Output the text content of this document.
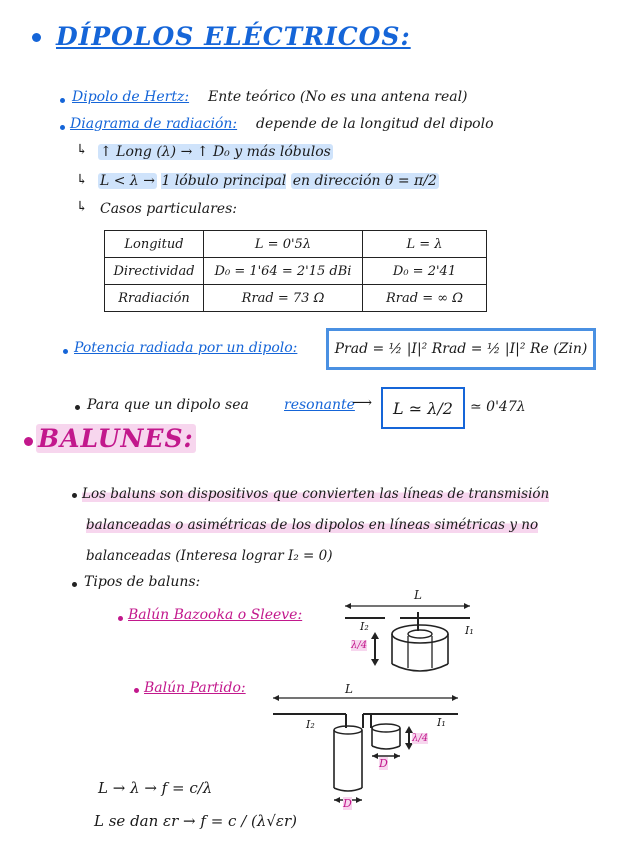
DÍPOLOS ELÉCTRICOS:
Dipolo de Hertz: Ente teórico (No es una antena real)
Diagrama de radiación: depende de la longitud del dipolo
↳ ↑ Long (λ) → ↑ D₀ y más lóbulos
↳ L < λ → 1 lóbulo principal en dirección θ = π/2
↳ Casos particulares:
Longitud	L = 0'5λ	L = λ
Directividad	D₀ = 1'64 = 2'15 dBi	D₀ = 2'41
Rradiación	Rrad = 73 Ω	Rrad = ∞ Ω
Potencia radiada por un dipolo:	Prad = ½ |I|² Rrad = ½ |I|² Re (Zin)
Para que un dipolo sea	resonante
⟶ L ≃ λ/2 ≃ 0'47λ
BALUNES:
Los baluns son dispositivos que convierten las líneas de transmisión
balanceadas o asimétricas de los dipolos en líneas simétricas y no
balanceadas (Interesa lograr I₂ = 0)
Tipos de baluns:
Balún Bazooka o Sleeve:
L
I₂	I₁
λ/4
Balún Partido:	L
I₂	I₁
λ/4
D
D
L → λ → f = c/λ
L se dan εr → f = c / (λ√εr)
